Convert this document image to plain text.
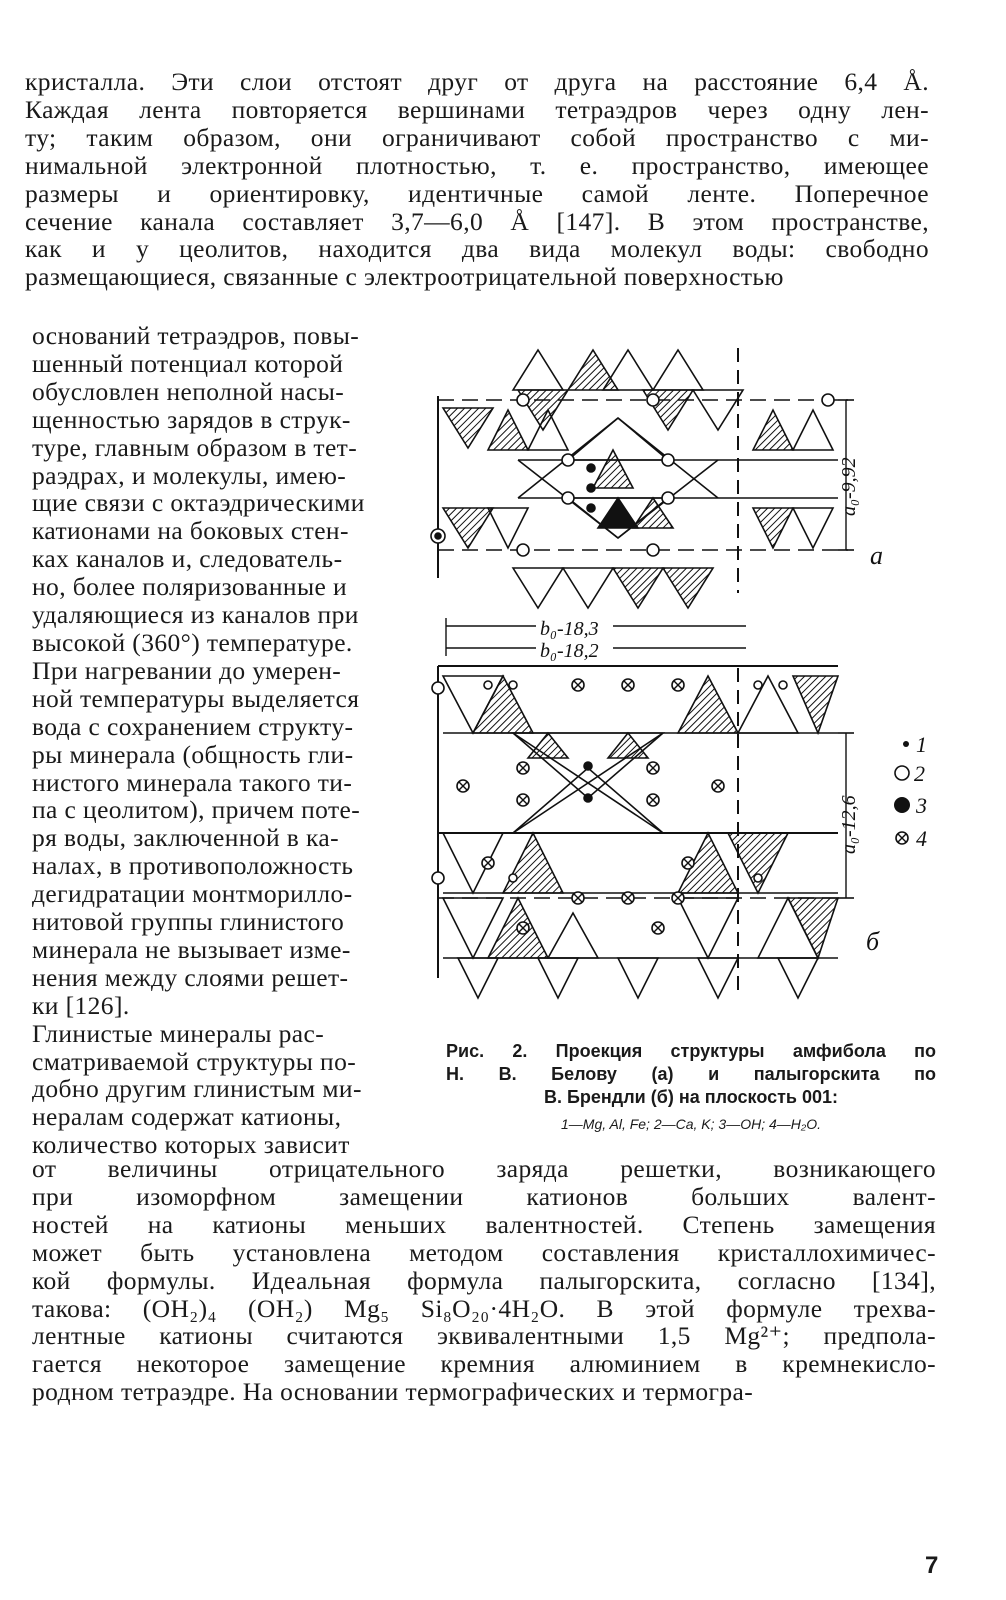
кристалла. Эти слои отстоят друг от друга на расстояние 6,4 Å.
Каждая лента повторяется вершинами тетраэдров через одну лен-
ту; таким образом, они ограничивают собой пространство с ми-
нимальной электронной плотностью, т. е. пространство, имеющее
размеры и ориентировку, идентичные самой ленте. Поперечное
сечение канала составляет 3,7—6,0 Å [147]. В этом пространстве,
как и у цеолитов, находится два вида молекул воды: свободно
размещающиеся, связанные с электроотрицательной поверхностью
оснований тетраэдров, повы-
шенный потенциал которой
обусловлен неполной насы-
щенностью зарядов в струк-
туре, главным образом в тет-
раэдрах, и молекулы, имею-
щие связи с октаэдрическими
катионами на боковых стен-
ках каналов и, следователь-
но, более поляризованные и
удаляющиеся из каналов при
высокой (360°) температуре.
При нагревании до умерен-
ной температуры выделяется
вода с сохранением структу-
ры минерала (общность гли-
нистого минерала такого ти-
па с цеолитом), причем поте-
ря воды, заключенной в ка-
налах, в противоположность
дегидратации монтморилло-
нитовой группы глинистого
минерала не вызывает изме-
нения между слоями решет-
ки [126].
Глинистые минералы рас-
сматриваемой структуры по-
добно другим глинистым ми-
нералам содержат катионы,
количество которых зависит
a₀-9,92
а
b₀-18,3
b₀-18,2
a₀-12,6
б
1
2
3
4
Рис. 2. Проекция структуры амфибола по
Н. В. Белову (а) и палыгорскита по
В. Брендли (б) на плоскость 001:
1—Mg, Al, Fe; 2—Ca, K; 3—OH; 4—H₂O.
от величины отрицательного заряда решетки, возникающего
при изоморфном замещении катионов больших валент-
ностей на катионы меньших валентностей. Степень замещения
может быть установлена методом составления кристаллохимичес-
кой формулы. Идеальная формула палыгорскита, согласно [134],
такова: (OH₂)₄ (OH₂) Mg₅ Si₈O₂₀·4H₂O. В этой формуле трехва-
лентные катионы считаются эквивалентными 1,5 Mg²⁺; предпола-
гается некоторое замещение кремния алюминием в кремнекисло-
родном тетраэдре. На основании термографических и термогра-
7
